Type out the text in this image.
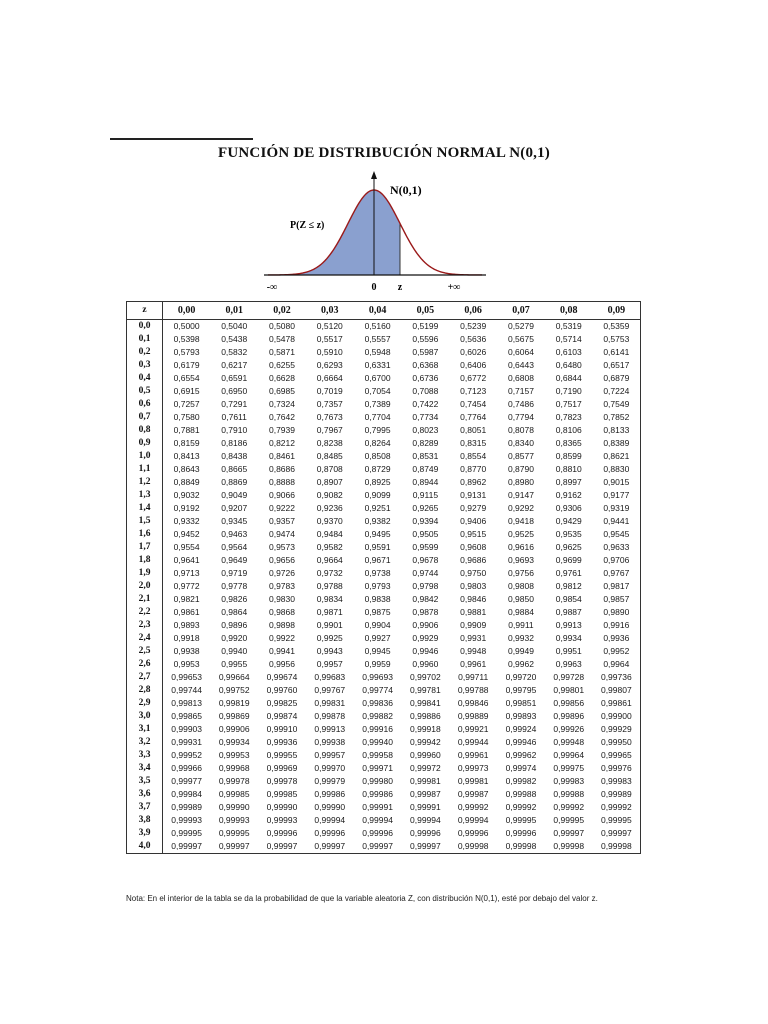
FUNCIÓN DE DISTRIBUCIÓN NORMAL N(0,1)
N(0,1)
P(Z ≤ z)
-∞	0 z	+∞
z	0,00	0,01	0,02	0,03	0,04	0,05	0,06	0,07	0,08	0,09
0,0	0,5000	0,5040	0,5080	0,5120	0,5160	0,5199	0,5239	0,5279	0,5319	0,5359
0,1	0,5398	0,5438	0,5478	0,5517	0,5557	0,5596	0,5636	0,5675	0,5714	0,5753
0,2	0,5793	0,5832	0,5871	0,5910	0,5948	0,5987	0,6026	0,6064	0,6103	0,6141
0,3	0,6179	0,6217	0,6255	0,6293	0,6331	0,6368	0,6406	0,6443	0,6480	0,6517
0,4	0,6554	0,6591	0,6628	0,6664	0,6700	0,6736	0,6772	0,6808	0,6844	0,6879
0,5	0,6915	0,6950	0,6985	0,7019	0,7054	0,7088	0,7123	0,7157	0,7190	0,7224
0,6	0,7257	0,7291	0,7324	0,7357	0,7389	0,7422	0,7454	0,7486	0,7517	0,7549
0,7	0,7580	0,7611	0,7642	0,7673	0,7704	0,7734	0,7764	0,7794	0,7823	0,7852
0,8	0,7881	0,7910	0,7939	0,7967	0,7995	0,8023	0,8051	0,8078	0,8106	0,8133
0,9	0,8159	0,8186	0,8212	0,8238	0,8264	0,8289	0,8315	0,8340	0,8365	0,8389
1,0	0,8413	0,8438	0,8461	0,8485	0,8508	0,8531	0,8554	0,8577	0,8599	0,8621
1,1	0,8643	0,8665	0,8686	0,8708	0,8729	0,8749	0,8770	0,8790	0,8810	0,8830
1,2	0,8849	0,8869	0,8888	0,8907	0,8925	0,8944	0,8962	0,8980	0,8997	0,9015
1,3	0,9032	0,9049	0,9066	0,9082	0,9099	0,9115	0,9131	0,9147	0,9162	0,9177
1,4	0,9192	0,9207	0,9222	0,9236	0,9251	0,9265	0,9279	0,9292	0,9306	0,9319
1,5	0,9332	0,9345	0,9357	0,9370	0,9382	0,9394	0,9406	0,9418	0,9429	0,9441
1,6	0,9452	0,9463	0,9474	0,9484	0,9495	0,9505	0,9515	0,9525	0,9535	0,9545
1,7	0,9554	0,9564	0,9573	0,9582	0,9591	0,9599	0,9608	0,9616	0,9625	0,9633
1,8	0,9641	0,9649	0,9656	0,9664	0,9671	0,9678	0,9686	0,9693	0,9699	0,9706
1,9	0,9713	0,9719	0,9726	0,9732	0,9738	0,9744	0,9750	0,9756	0,9761	0,9767
2,0	0,9772	0,9778	0,9783	0,9788	0,9793	0,9798	0,9803	0,9808	0,9812	0,9817
2,1	0,9821	0,9826	0,9830	0,9834	0,9838	0,9842	0,9846	0,9850	0,9854	0,9857
2,2	0,9861	0,9864	0,9868	0,9871	0,9875	0,9878	0,9881	0,9884	0,9887	0,9890
2,3	0,9893	0,9896	0,9898	0,9901	0,9904	0,9906	0,9909	0,9911	0,9913	0,9916
2,4	0,9918	0,9920	0,9922	0,9925	0,9927	0,9929	0,9931	0,9932	0,9934	0,9936
2,5	0,9938	0,9940	0,9941	0,9943	0,9945	0,9946	0,9948	0,9949	0,9951	0,9952
2,6	0,9953	0,9955	0,9956	0,9957	0,9959	0,9960	0,9961	0,9962	0,9963	0,9964
2,7	0,99653	0,99664	0,99674	0,99683	0,99693	0,99702	0,99711	0,99720	0,99728	0,99736
2,8	0,99744	0,99752	0,99760	0,99767	0,99774	0,99781	0,99788	0,99795	0,99801	0,99807
2,9	0,99813	0,99819	0,99825	0,99831	0,99836	0,99841	0,99846	0,99851	0,99856	0,99861
3,0	0,99865	0,99869	0,99874	0,99878	0,99882	0,99886	0,99889	0,99893	0,99896	0,99900
3,1	0,99903	0,99906	0,99910	0,99913	0,99916	0,99918	0,99921	0,99924	0,99926	0,99929
3,2	0,99931	0,99934	0,99936	0,99938	0,99940	0,99942	0,99944	0,99946	0,99948	0,99950
3,3	0,99952	0,99953	0,99955	0,99957	0,99958	0,99960	0,99961	0,99962	0,99964	0,99965
3,4	0,99966	0,99968	0,99969	0,99970	0,99971	0,99972	0,99973	0,99974	0,99975	0,99976
3,5	0,99977	0,99978	0,99978	0,99979	0,99980	0,99981	0,99981	0,99982	0,99983	0,99983
3,6	0,99984	0,99985	0,99985	0,99986	0,99986	0,99987	0,99987	0,99988	0,99988	0,99989
3,7	0,99989	0,99990	0,99990	0,99990	0,99991	0,99991	0,99992	0,99992	0,99992	0,99992
3,8	0,99993	0,99993	0,99993	0,99994	0,99994	0,99994	0,99994	0,99995	0,99995	0,99995
3,9	0,99995	0,99995	0,99996	0,99996	0,99996	0,99996	0,99996	0,99996	0,99997	0,99997
4,0	0,99997	0,99997	0,99997	0,99997	0,99997	0,99997	0,99998	0,99998	0,99998	0,99998
Nota: En el interior de la tabla se da la probabilidad de que la variable aleatoria Z, con distribución N(0,1), esté por debajo del valor z.
